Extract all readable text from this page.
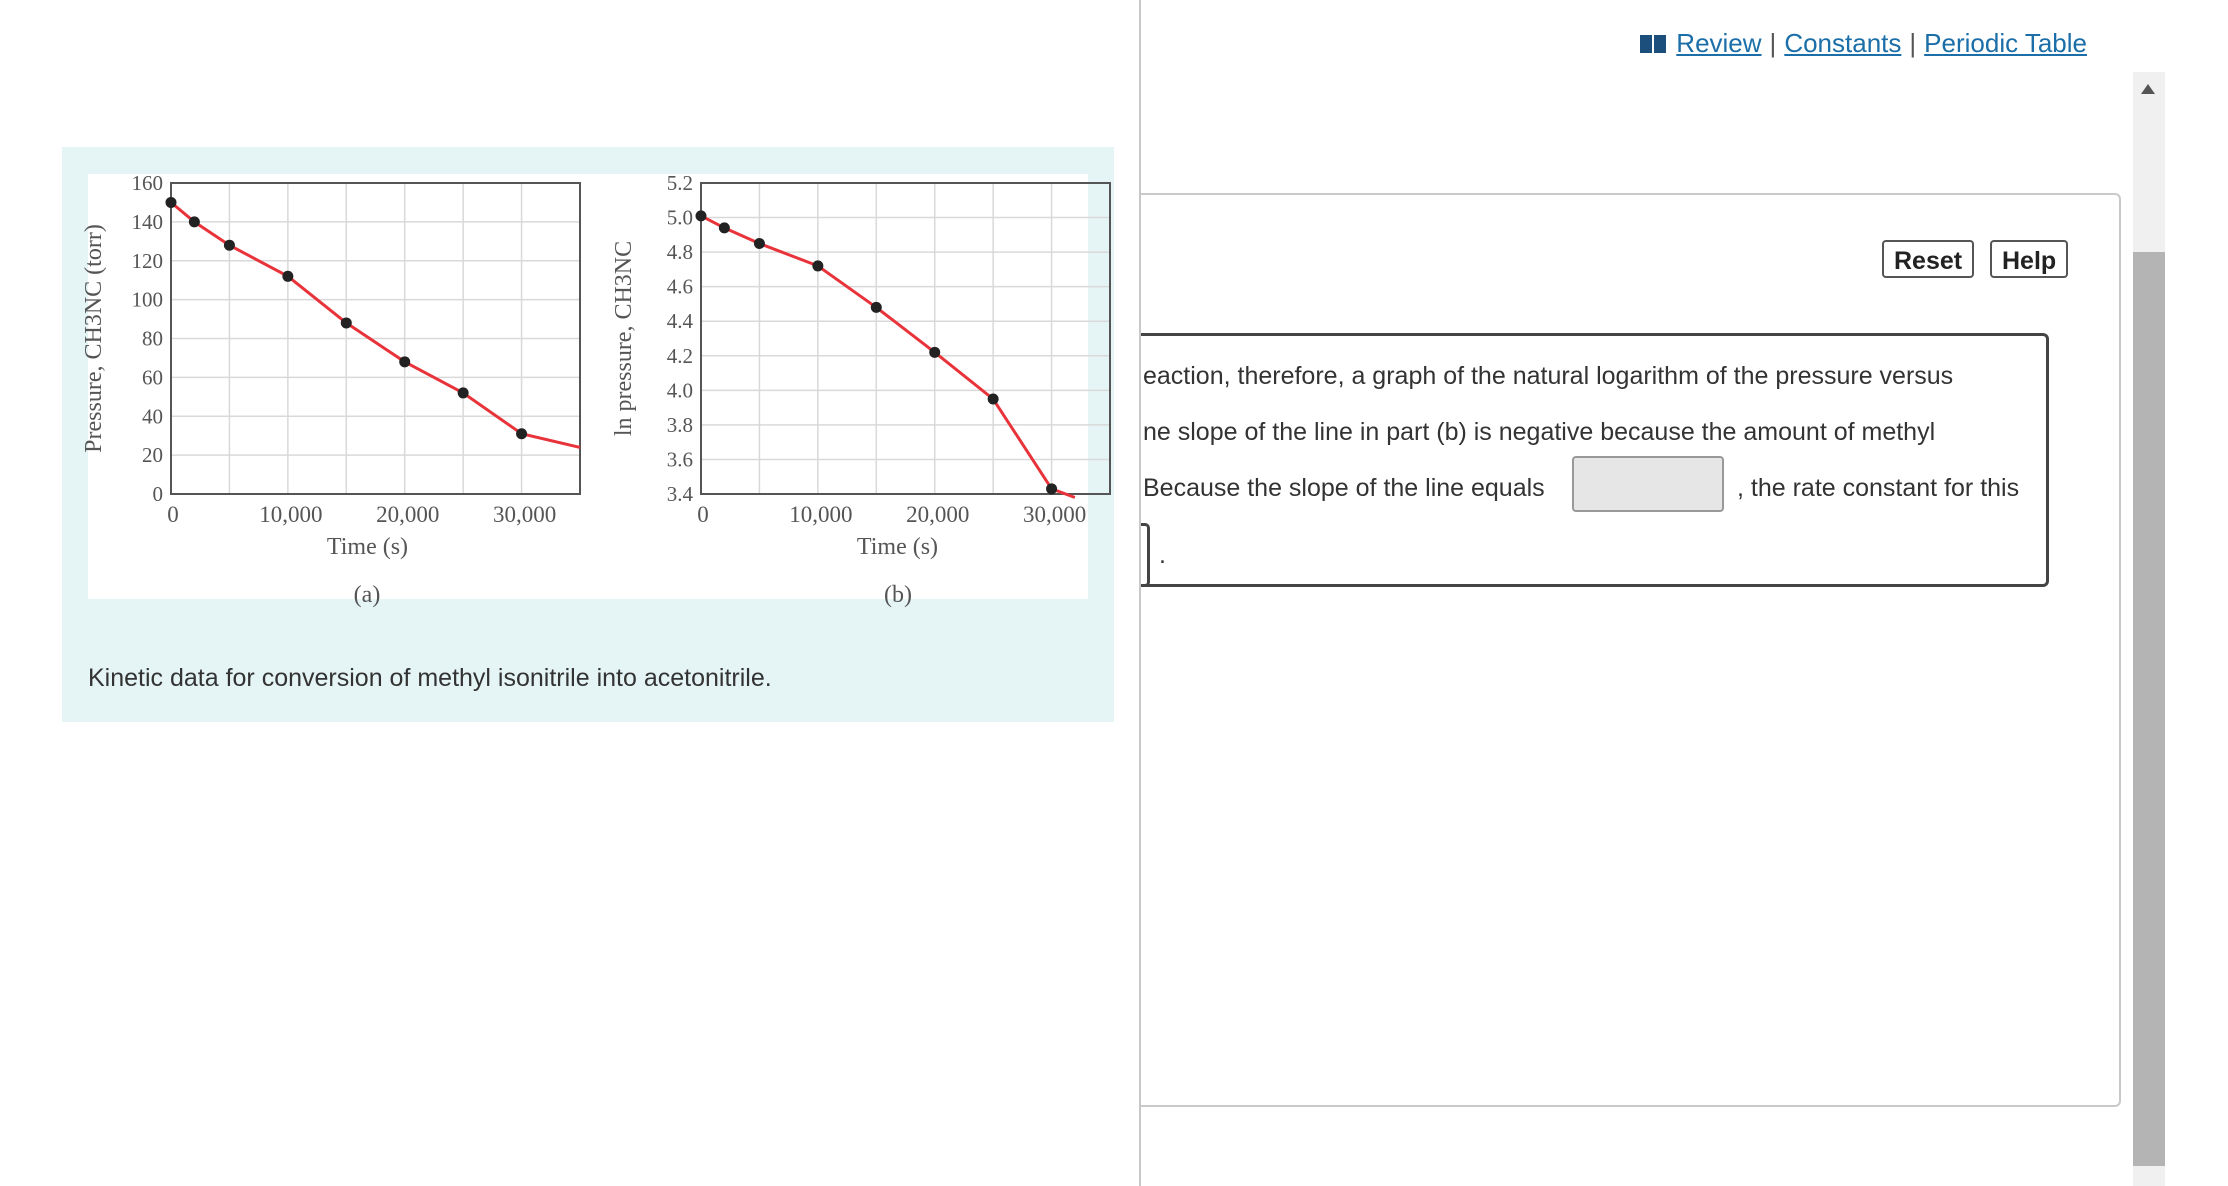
0
20
40
60
80
100
120
140
160
0	10,000 20,000 30,000
Time (s)
Pressure, CH3NC (torr)
(a)
3.4
3.6
3.8
4.0
4.2
4.4
4.6
4.8
5.0
5.2
0	10,000 20,000 30,000
Time (s)
ln pressure, CH3NC
(b)
Kinetic data for conversion of methyl isonitrile into acetonitrile.
Review | Constants | Periodic Table
Reset	Help
eaction, therefore, a graph of the natural logarithm of the pressure versus
ne slope of the line in part (b) is negative because the amount of methyl
Because the slope of the line equals	, the rate constant for this
.
